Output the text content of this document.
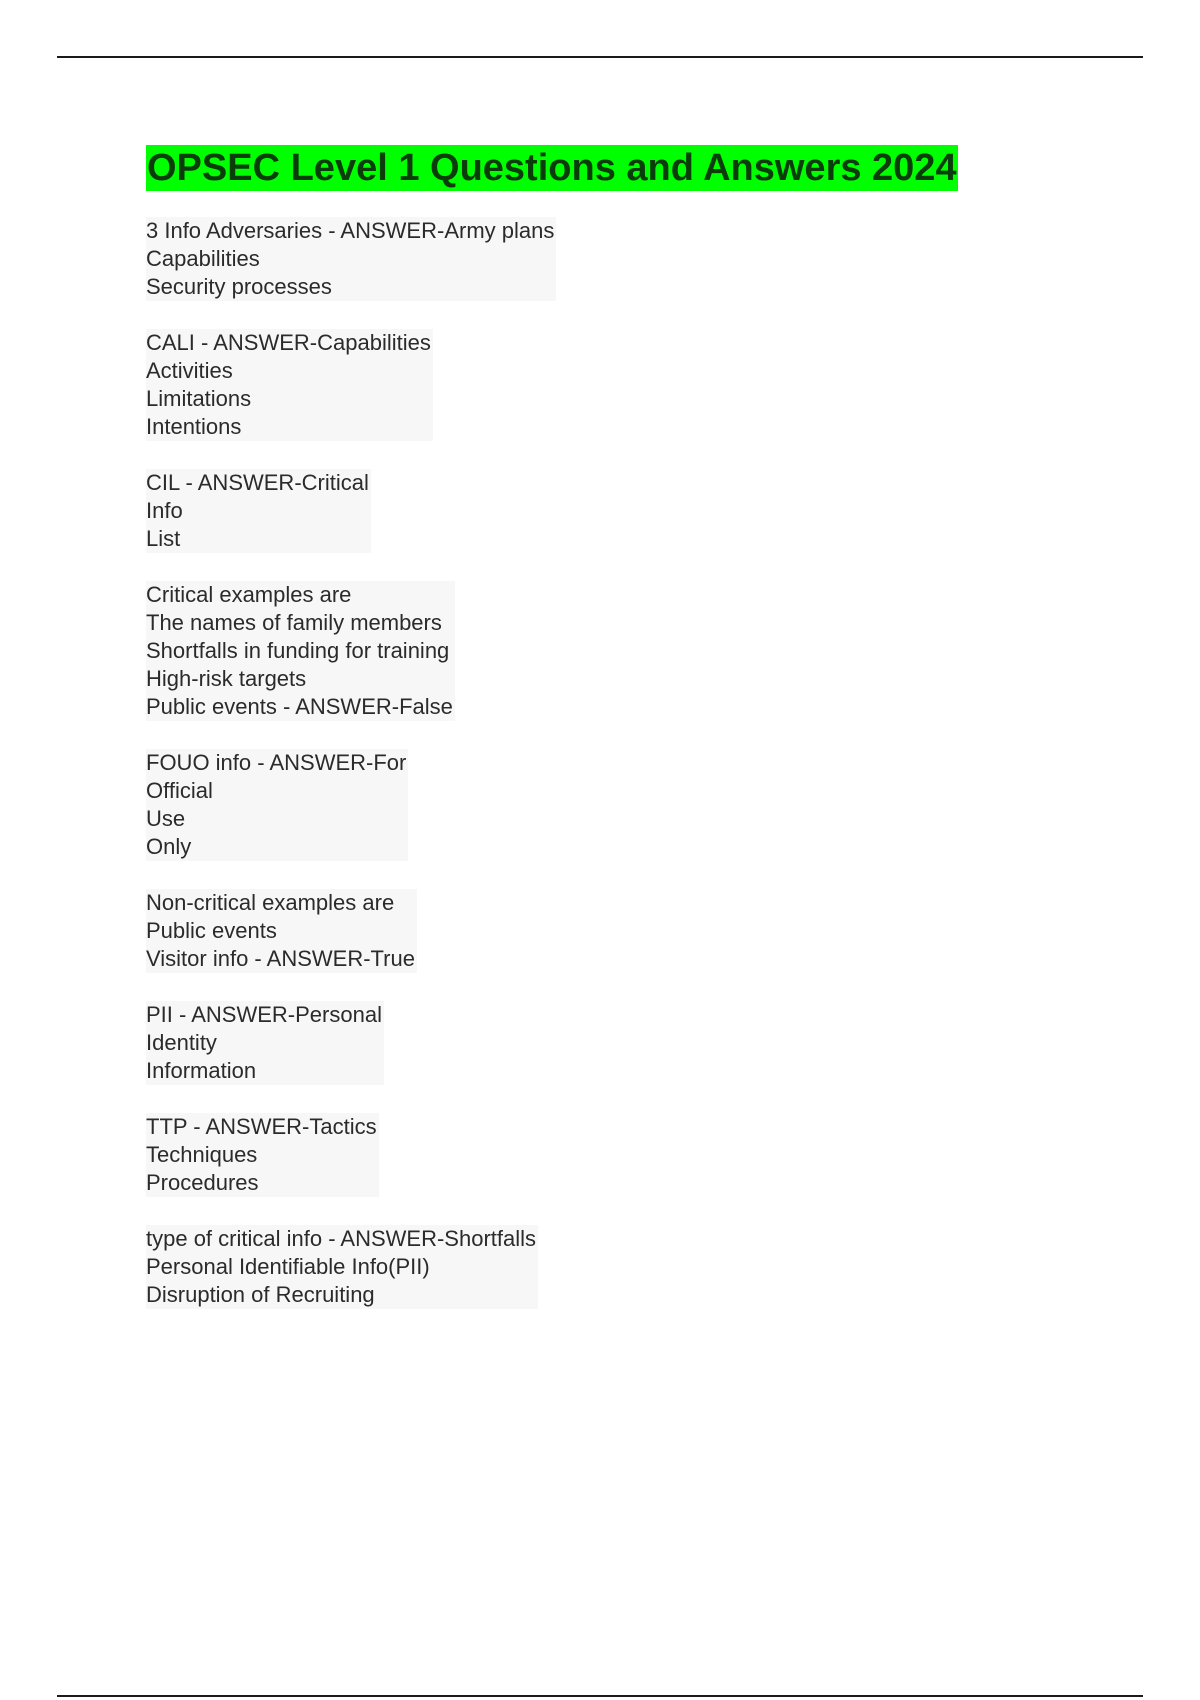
OPSEC Level 1 Questions and Answers 2024
3 Info Adversaries - ANSWER-Army plans
Capabilities
Security processes
CALI - ANSWER-Capabilities
Activities
Limitations
Intentions
CIL - ANSWER-Critical
Info
List
Critical examples are
The names of family members
Shortfalls in funding for training
High-risk targets
Public events - ANSWER-False
FOUO info - ANSWER-For
Official
Use
Only
Non-critical examples are
Public events
Visitor info - ANSWER-True
PII - ANSWER-Personal
Identity
Information
TTP - ANSWER-Tactics
Techniques
Procedures
type of critical info - ANSWER-Shortfalls
Personal Identifiable Info(PII)
Disruption of Recruiting
